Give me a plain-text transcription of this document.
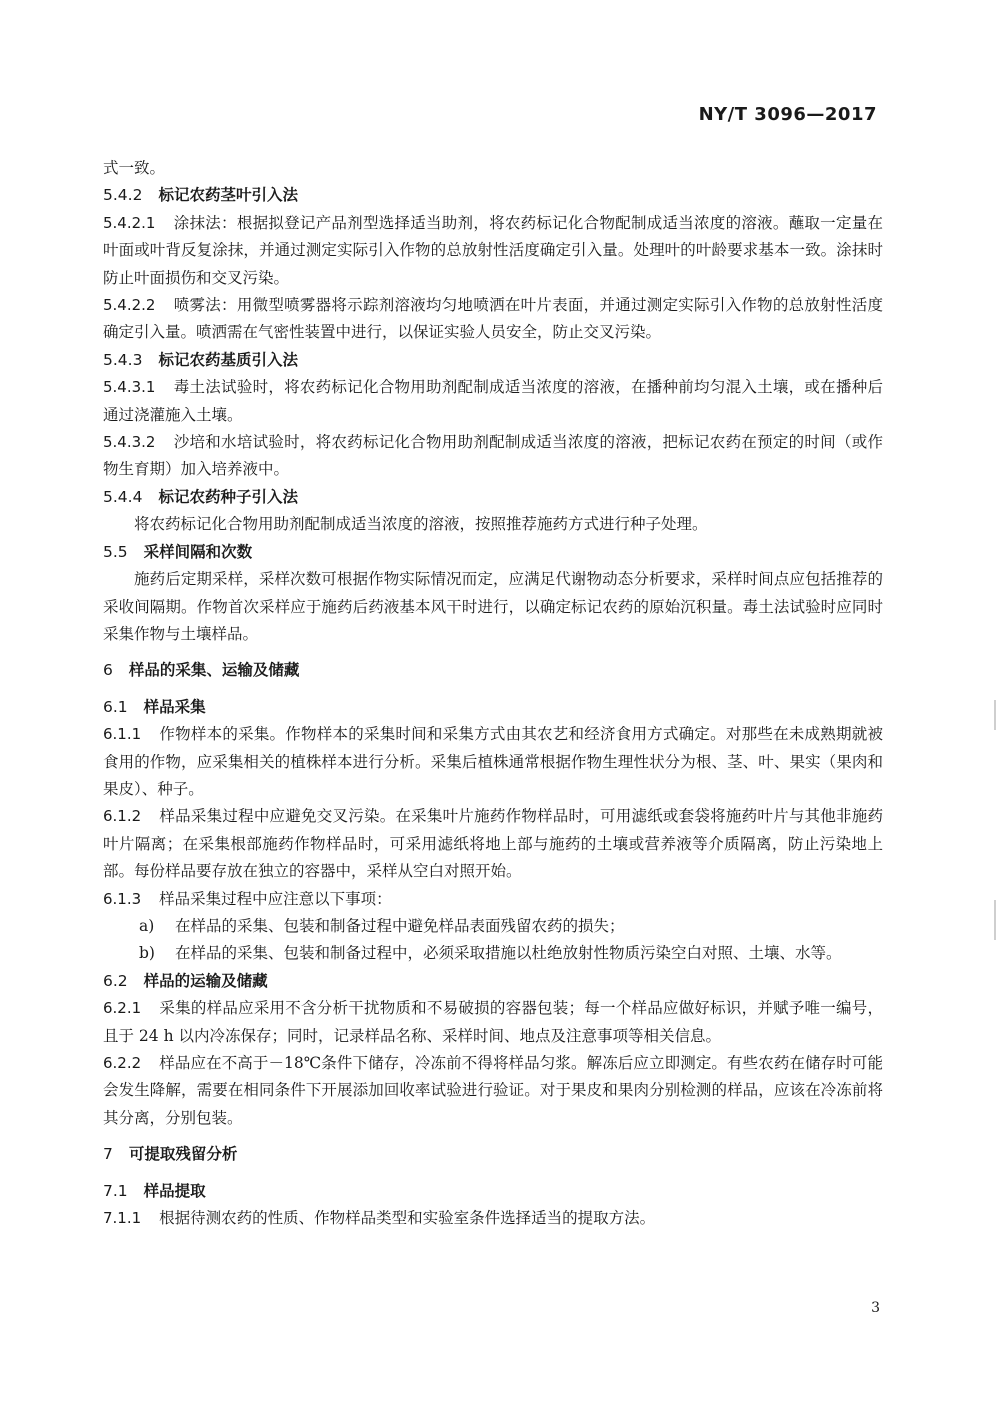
NY/T 3096—2017

式一致。

5.4.2 标记农药茎叶引入法

5.4.2.1 涂抹法：根据拟登记产品剂型选择适当助剂，将农药标记化合物配制成适当浓度的溶液。蘸取一定量在叶面或叶背反复涂抹，并通过测定实际引入作物的总放射性活度确定引入量。处理叶的叶龄要求基本一致。涂抹时防止叶面损伤和交叉污染。

5.4.2.2 喷雾法：用微型喷雾器将示踪剂溶液均匀地喷洒在叶片表面，并通过测定实际引入作物的总放射性活度确定引入量。喷洒需在气密性装置中进行，以保证实验人员安全，防止交叉污染。

5.4.3 标记农药基质引入法

5.4.3.1 毒土法试验时，将农药标记化合物用助剂配制成适当浓度的溶液，在播种前均匀混入土壤，或在播种后通过浇灌施入土壤。

5.4.3.2 沙培和水培试验时，将农药标记化合物用助剂配制成适当浓度的溶液，把标记农药在预定的时间（或作物生育期）加入培养液中。

5.4.4 标记农药种子引入法

将农药标记化合物用助剂配制成适当浓度的溶液，按照推荐施药方式进行种子处理。

5.5 采样间隔和次数

施药后定期采样，采样次数可根据作物实际情况而定，应满足代谢物动态分析要求，采样时间点应包括推荐的采收间隔期。作物首次采样应于施药后药液基本风干时进行，以确定标记农药的原始沉积量。毒土法试验时应同时采集作物与土壤样品。

6 样品的采集、运输及储藏

6.1 样品采集

6.1.1 作物样本的采集。作物样本的采集时间和采集方式由其农艺和经济食用方式确定。对那些在未成熟期就被食用的作物，应采集相关的植株样本进行分析。采集后植株通常根据作物生理性状分为根、茎、叶、果实（果肉和果皮）、种子。

6.1.2 样品采集过程中应避免交叉污染。在采集叶片施药作物样品时，可用滤纸或套袋将施药叶片与其他非施药叶片隔离；在采集根部施药作物样品时，可采用滤纸将地上部与施药的土壤或营养液等介质隔离，防止污染地上部。每份样品要存放在独立的容器中，采样从空白对照开始。

6.1.3 样品采集过程中应注意以下事项：

a)	在样品的采集、包装和制备过程中避免样品表面残留农药的损失；
b)	在样品的采集、包装和制备过程中，必须采取措施以杜绝放射性物质污染空白对照、土壤、水等。

6.2 样品的运输及储藏

6.2.1 采集的样品应采用不含分析干扰物质和不易破损的容器包装；每一个样品应做好标识，并赋予唯一编号，且于 24 h 以内冷冻保存；同时，记录样品名称、采样时间、地点及注意事项等相关信息。

6.2.2 样品应在不高于－18℃条件下储存，冷冻前不得将样品匀浆。解冻后应立即测定。有些农药在储存时可能会发生降解，需要在相同条件下开展添加回收率试验进行验证。对于果皮和果肉分别检测的样品，应该在冷冻前将其分离，分别包装。

7 可提取残留分析

7.1 样品提取

7.1.1 根据待测农药的性质、作物样品类型和实验室条件选择适当的提取方法。

3
